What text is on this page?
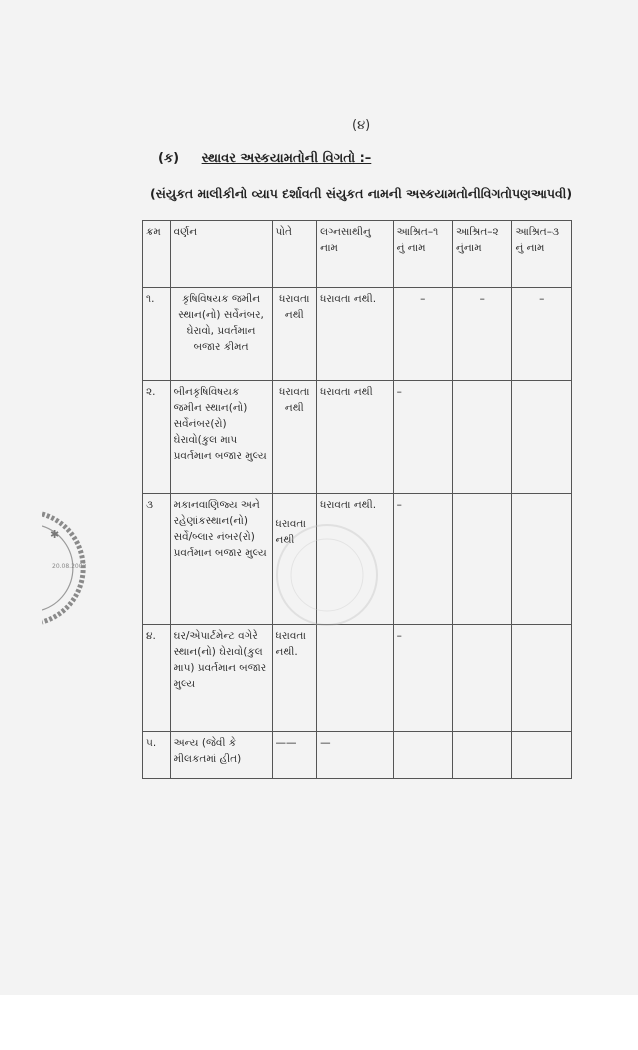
(૪)
(ક) સ્થાવર અસ્કયામતોની વિગતો :–
(સંયુકત માલીકીનો વ્યાપ દર્શાવતી સંયુકત નામની અસ્કયામતોનીવિગતોપણઆપવી)
ક્રમ	વર્ણન	પોતે	લગ્નસાથીનુ નામ	આશ્રિત–૧ નું નામ	આશ્રિત–૨ નુંનામ	આશ્રિત–૩ નું નામ
૧.	કૃષિવિષયક જમીન સ્થાન(નો) સર્વેનંબર, ઘેરાવો, પ્રવર્તમાન બજાર કીમત	ધરાવતા નથી	ધરાવતા નથી.	–	–	–
૨.	બીનકૃષિવિષયક જમીન સ્થાન(નો) સર્વેનંબર(રો) ઘેરાવો(કુલ માપ પ્રવર્તમાન બજાર મુલ્ય	ધરાવતા નથી	ધરાવતા નથી	–		
૩	મકાનવાણિજ્ય અને રહેણાંકસ્થાન(નો) સર્વે/બ્લાર નંબર(રો) પ્રવર્તમાન બજાર મુલ્ય	ધરાવતા નથી	ધરાવતા નથી.	–		
૪.	ઘર/એપાર્ટમેન્ટ વગેરે સ્થાન(નો) ઘેરાવો(કુલ માપ) પ્રવર્તમાન બજાર મુલ્ય	ધરાવતા નથી.		–		
૫.	અન્ય (જેવી કે મીલકતમાં હીત)	——	—			
✱
20.08.2002
